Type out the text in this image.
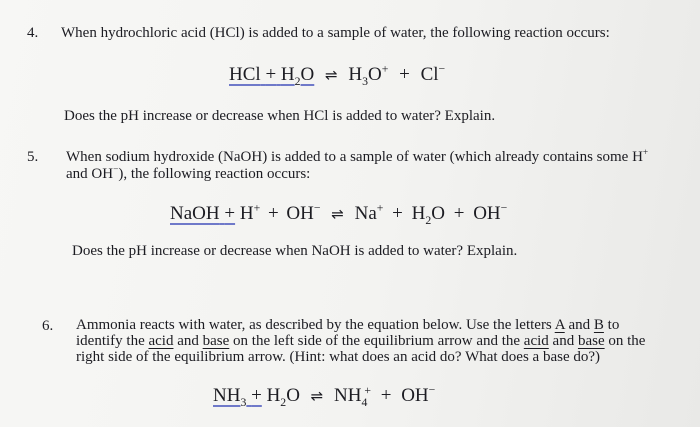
4. When hydrochloric acid (HCl) is added to a sample of water, the following reaction occurs:
HCl + $H_2O$ ⇌ $H_3O^+ + Cl^-$
Does the pH increase or decrease when HCl is added to water? Explain.
5. When sodium hydroxide (NaOH) is added to a sample of water (which already contains some H+
and OH−), the following reaction occurs:
NaOH + H+ + OH− ⇌ $Na^+ + H_2O + OH^-$
Does the pH increase or decrease when NaOH is added to water? Explain.
6. Ammonia reacts with water, as described by the equation below. Use the letters A and B to
identify the acid and base on the left side of the equilibrium arrow and the acid and base on the
right side of the equilibrium arrow. (Hint: what does an acid do? What does a base do?)
$NH_3 + H_2O$ ⇌ $NH_4^+ + OH^-$
